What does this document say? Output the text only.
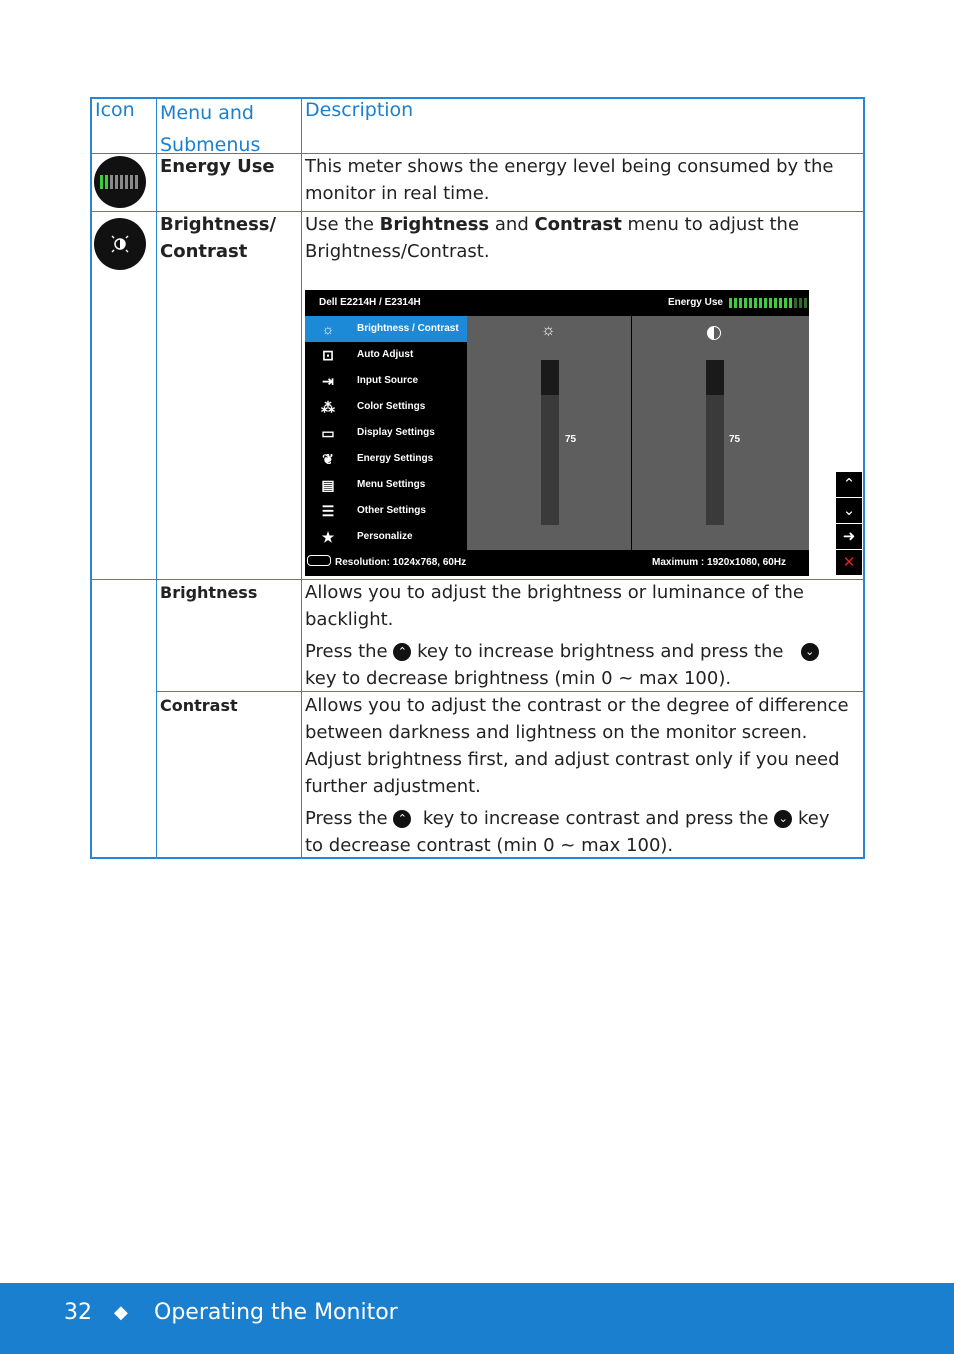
Icon Menu and Submenus
Description
Energy Use This meter shows the energy level being consumed by the monitor in real time.
Brightness/ Contrast
Use the Brightness and Contrast menu to adjust the Brightness/Contrast.
Brightness	Allows you to adjust the brightness or luminance of the backlight.
Press the ⌃ key to increase brightness and press the ⌄
key to decrease brightness (min 0 ~ max 100).
Contrast	Allows you to adjust the contrast or the degree of difference between darkness and lightness on the monitor screen. Adjust brightness first, and adjust contrast only if you need further adjustment.
Press the ⌃ key to increase contrast and press the ⌄ key
to decrease contrast (min 0 ~ max 100).
Dell E2214H / E2314H	Energy Use
☼	Brightness / Contrast
⊡	Auto Adjust
⇥	Input Source
⁂	Color Settings
▭	Display Settings
❦	Energy Settings
▤	Menu Settings
☰	Other Settings
★	Personalize
☼
75	75
Resolution: 1024x768, 60Hz	Maximum : 1920x1080, 60Hz
⌃
⌄
➜
✕
32 ◆ Operating the Monitor
